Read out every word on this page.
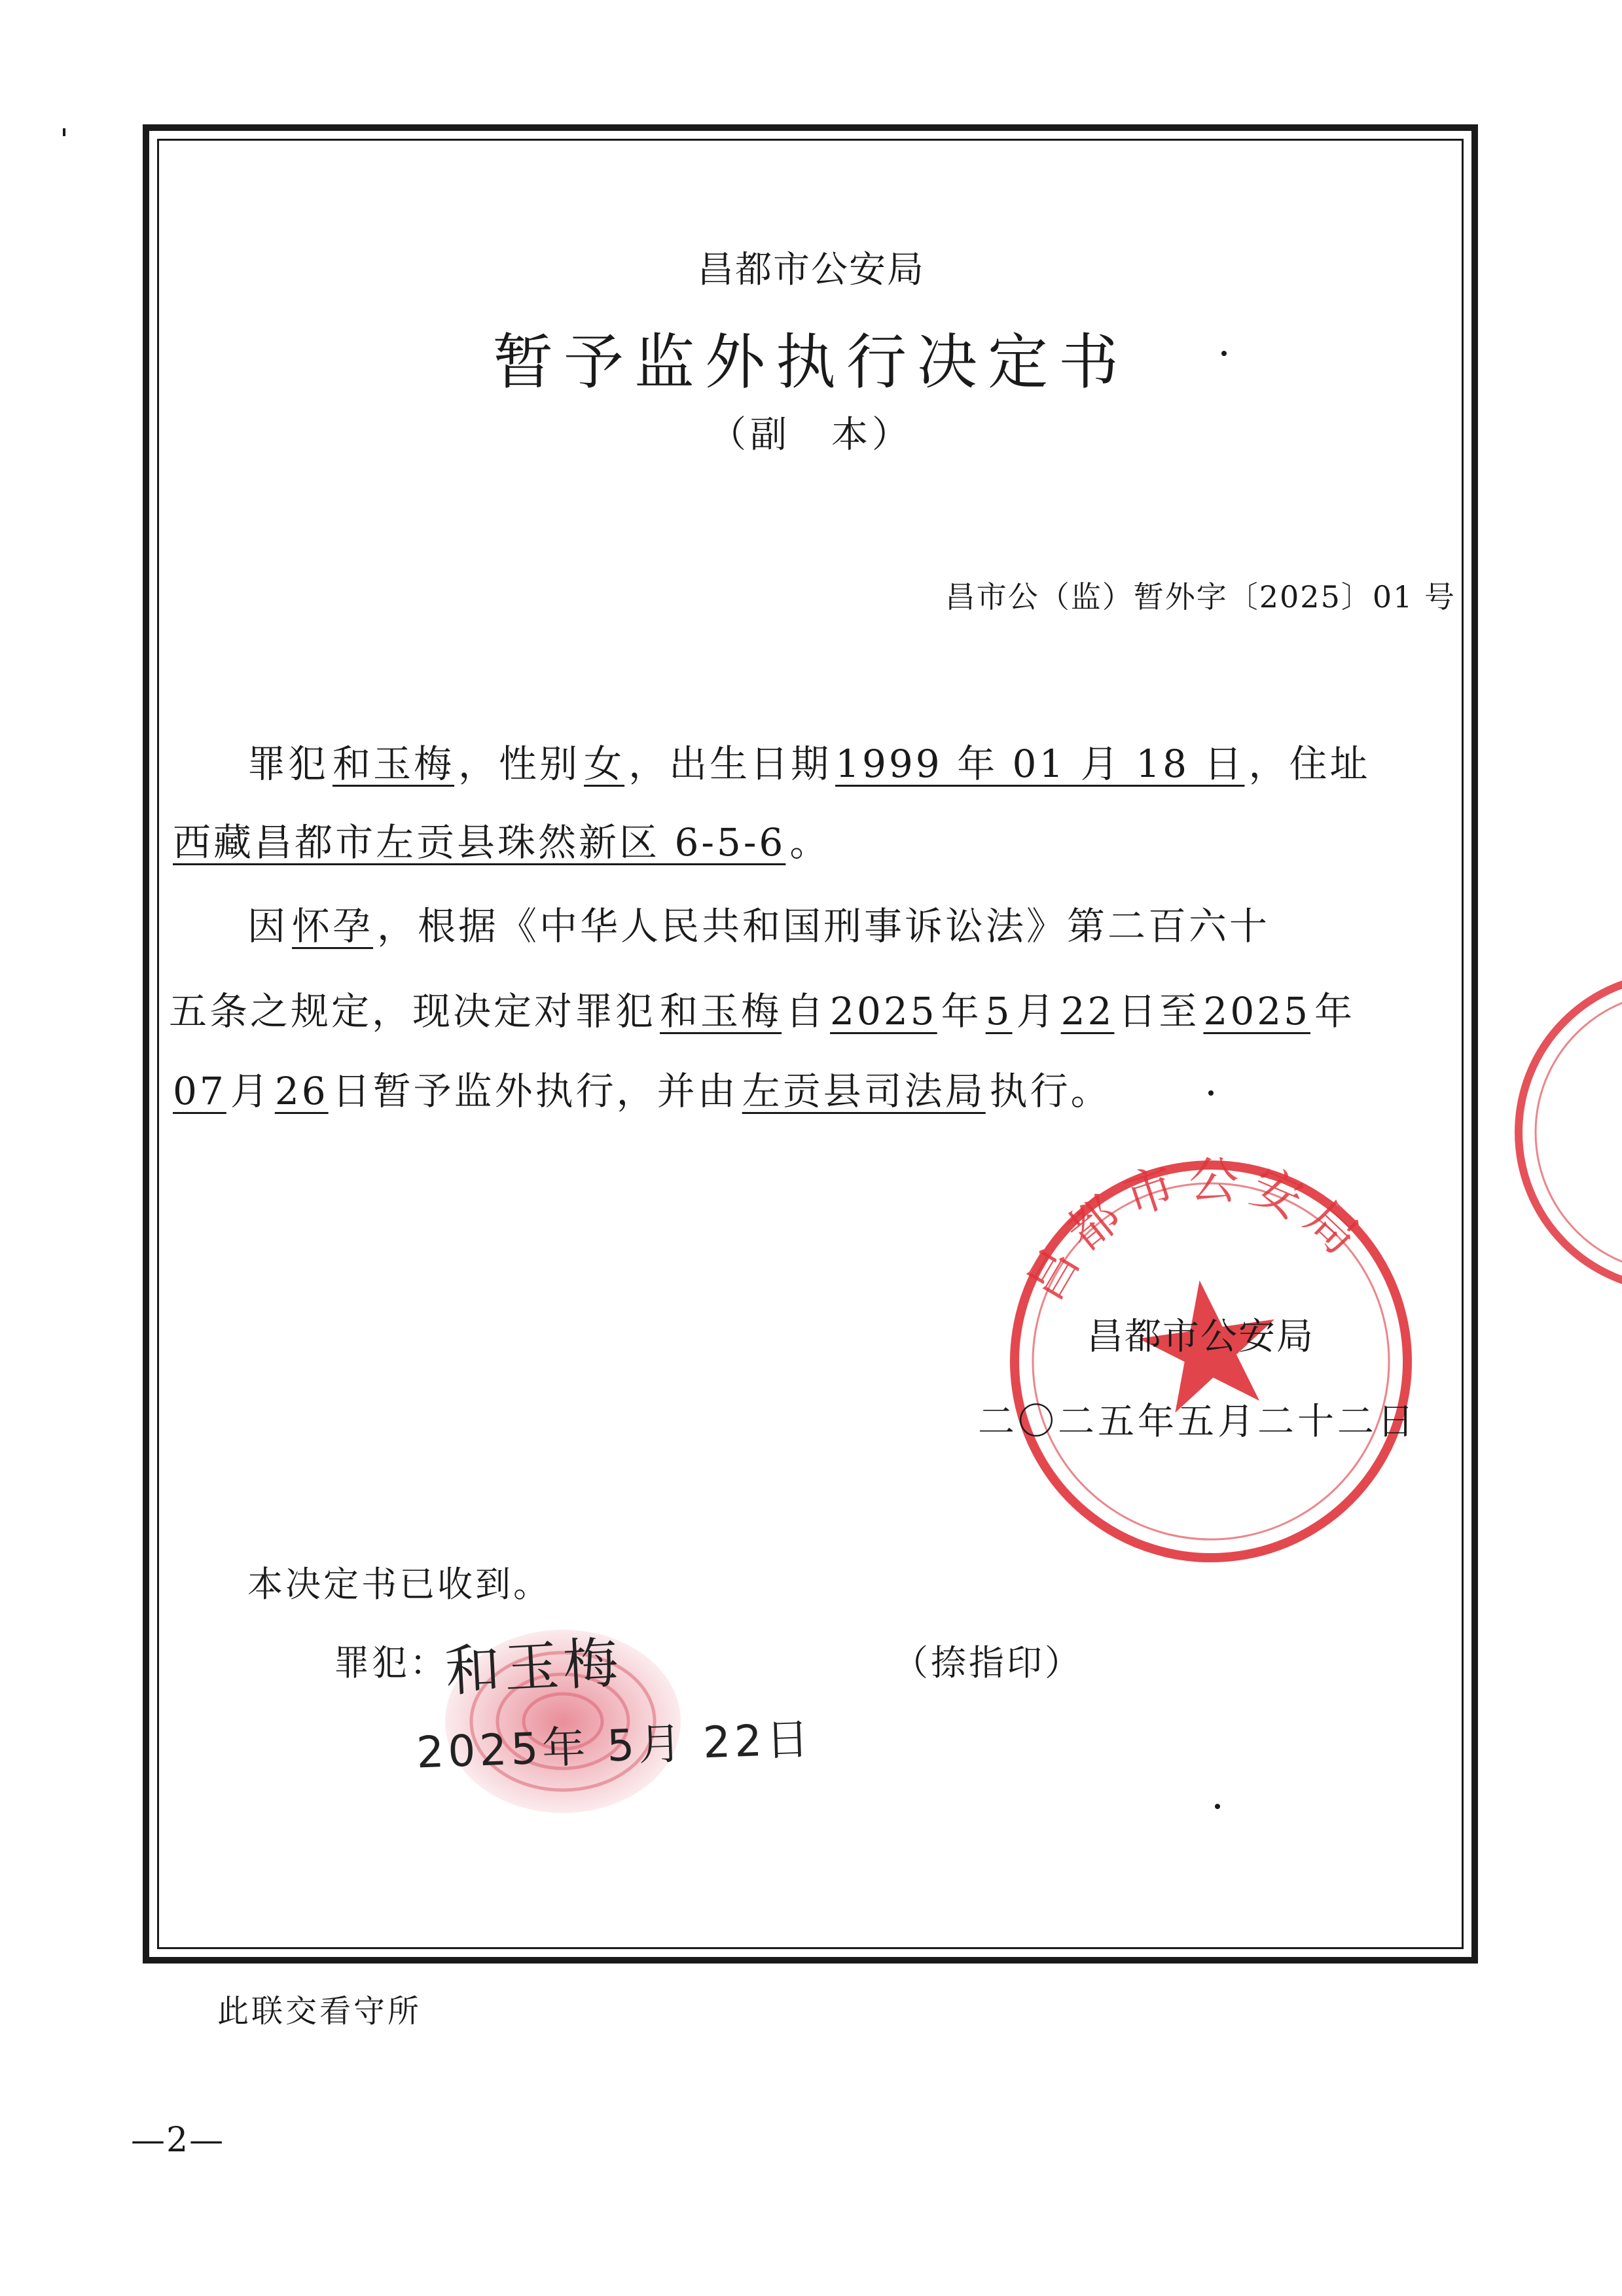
昌都市公安局
暂予监外执行决定书
（副　本）
昌市公（监）暂外字〔2025〕01 号
罪犯 和玉梅 ，性别 女 ，出生日期 1999 年 01 月 18 日 ，住址
西藏昌都市左贡县珠然新区 6-5-6 。
因 怀孕 ，根据《中华人民共和国刑事诉讼法》第二百六十
五条之规定，现决定对罪犯 和玉梅 自 2025 年 5 月 22 日至 2025 年
07 月 26 日暂予监外执行，并由 左贡县司法局 执行。
昌都市公安局
昌都市公安局
二〇二五年五月二十二日
本决定书已收到。
罪犯：
和玉梅	（捺指印）
2025年 5月 22日
此联交看守所
—2—
